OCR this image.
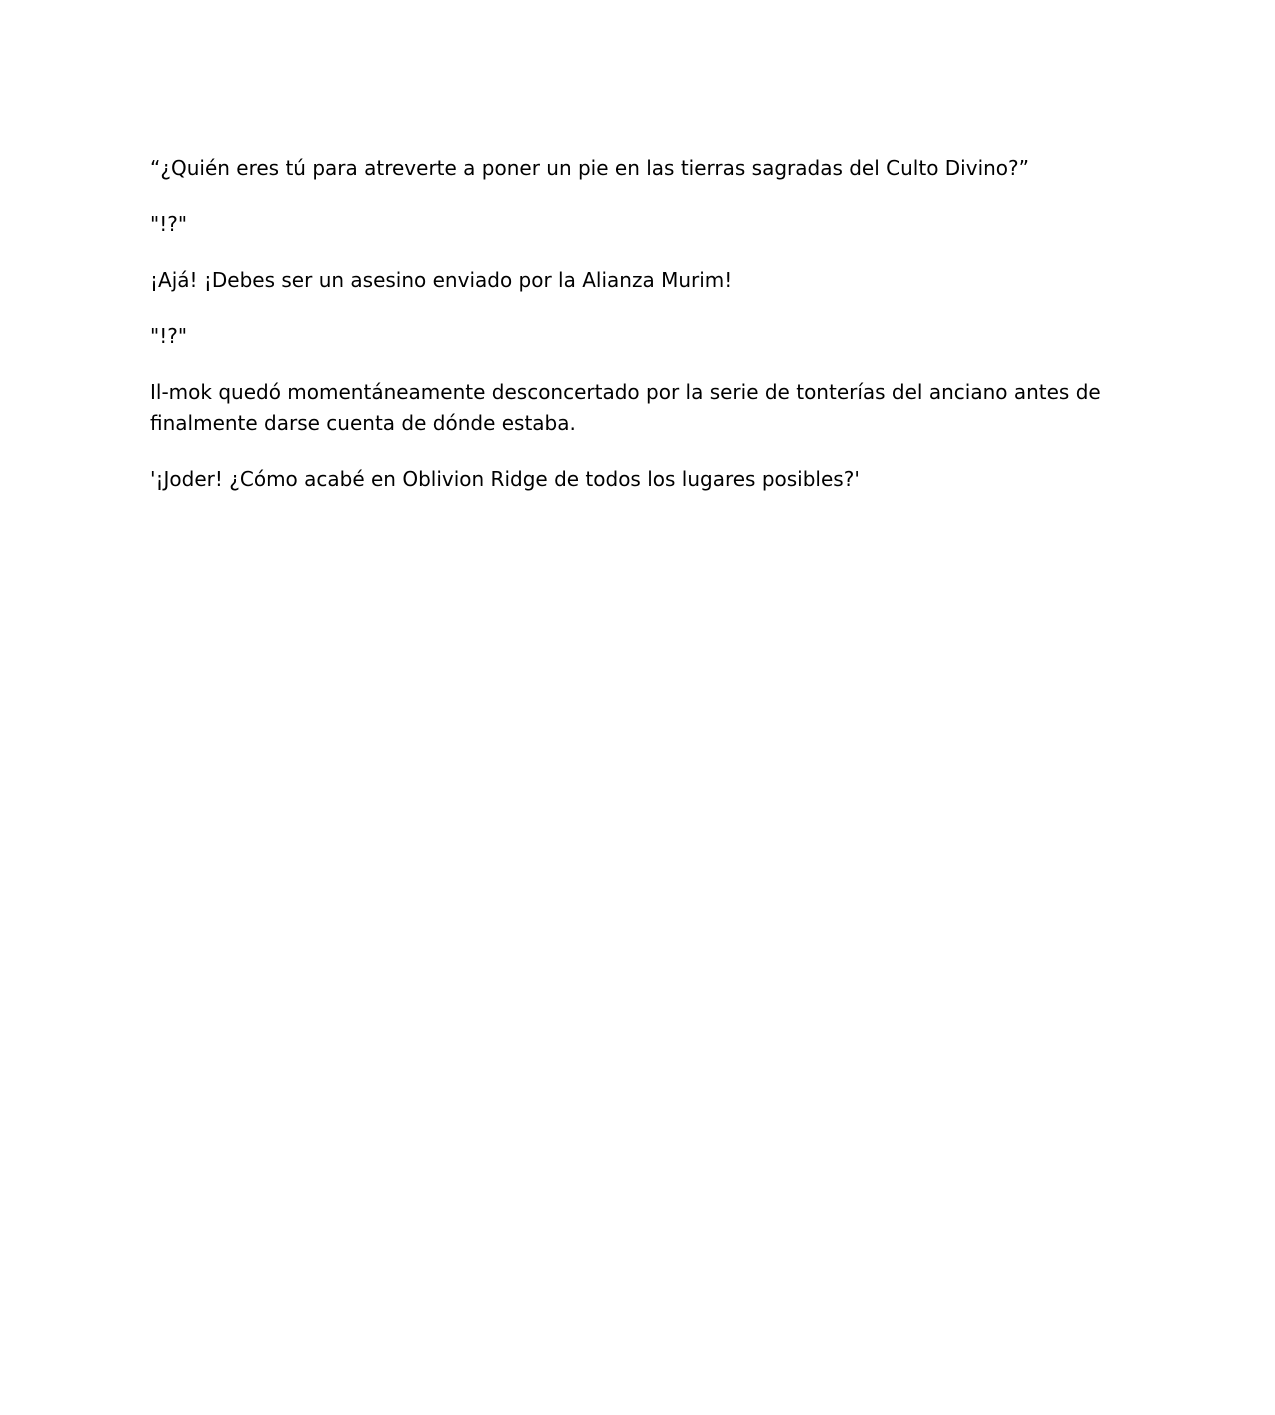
“¿Quién eres tú para atreverte a poner un pie en las tierras sagradas del Culto Divino?”

"!?"

¡Ajá! ¡Debes ser un asesino enviado por la Alianza Murim!

"!?"

Il-mok quedó momentáneamente desconcertado por la serie de tonterías del anciano antes de finalmente darse cuenta de dónde estaba.

'¡Joder! ¿Cómo acabé en Oblivion Ridge de todos los lugares posibles?'
